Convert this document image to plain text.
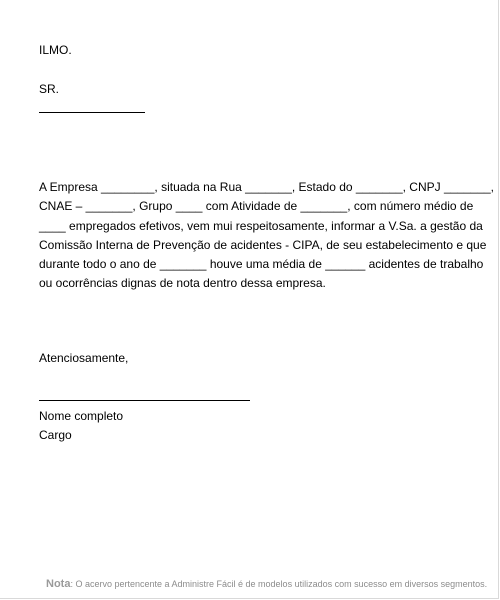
ILMO.
SR.
A Empresa ________, situada na Rua _______, Estado do _______, CNPJ _______,
CNAE – _______, Grupo ____ com Atividade de _______, com número médio de
____ empregados efetivos, vem mui respeitosamente, informar a V.Sa. a gestão da
Comissão Interna de Prevenção de acidentes - CIPA, de seu estabelecimento e que
durante todo o ano de _______ houve uma média de ______ acidentes de trabalho
ou ocorrências dignas de nota dentro dessa empresa.
Atenciosamente,
Nome completo
Cargo
Nota: O acervo pertencente a Administre Fácil é de modelos utilizados com sucesso em diversos segmentos.
